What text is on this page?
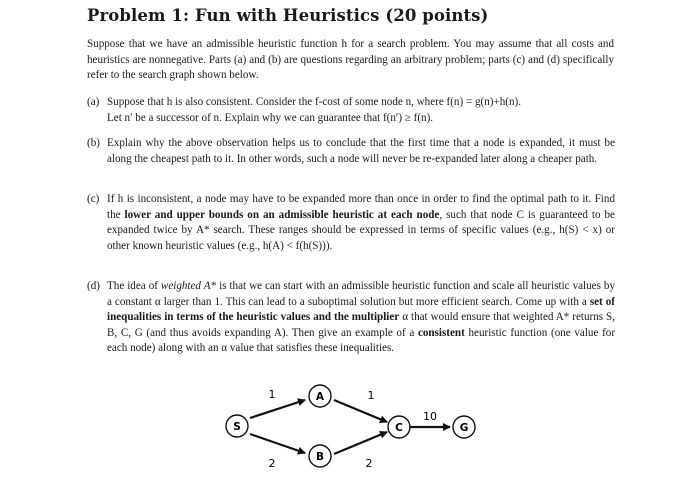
Problem 1: Fun with Heuristics (20 points)
Suppose that we have an admissible heuristic function h for a search problem. You may assume that all costs and heuristics are nonnegative. Parts (a) and (b) are questions regarding an arbitrary problem; parts (c) and (d) specifically refer to the search graph shown below.
(a) Suppose that h is also consistent. Consider the f-cost of some node n, where f(n) = g(n)+h(n).
Let n′ be a successor of n. Explain why we can guarantee that f(n′) ≥ f(n).
(b) Explain why the above observation helps us to conclude that the first time that a node is expanded, it must be along the cheapest path to it. In other words, such a node will never be re-expanded later along a cheaper path.
(c) If h is inconsistent, a node may have to be expanded more than once in order to find the optimal path to it. Find the lower and upper bounds on an admissible heuristic at each node, such that node C is guaranteed to be expanded twice by A* search. These ranges should be expressed in terms of specific values (e.g., h(S) < x) or other known heuristic values (e.g., h(A) < f(h(S))).
(d) The idea of weighted A* is that we can start with an admissible heuristic function and scale all heuristic values by a constant α larger than 1. This can lead to a suboptimal solution but more efficient search. Come up with a set of inequalities in terms of the heuristic values and the multiplier α that would ensure that weighted A* returns S, B, C, G (and thus avoids expanding A). Then give an example of a consistent heuristic function (one value for each node) along with an α value that satisfies these inequalities.
1	1
2	2
10
S
A
B
C	G
